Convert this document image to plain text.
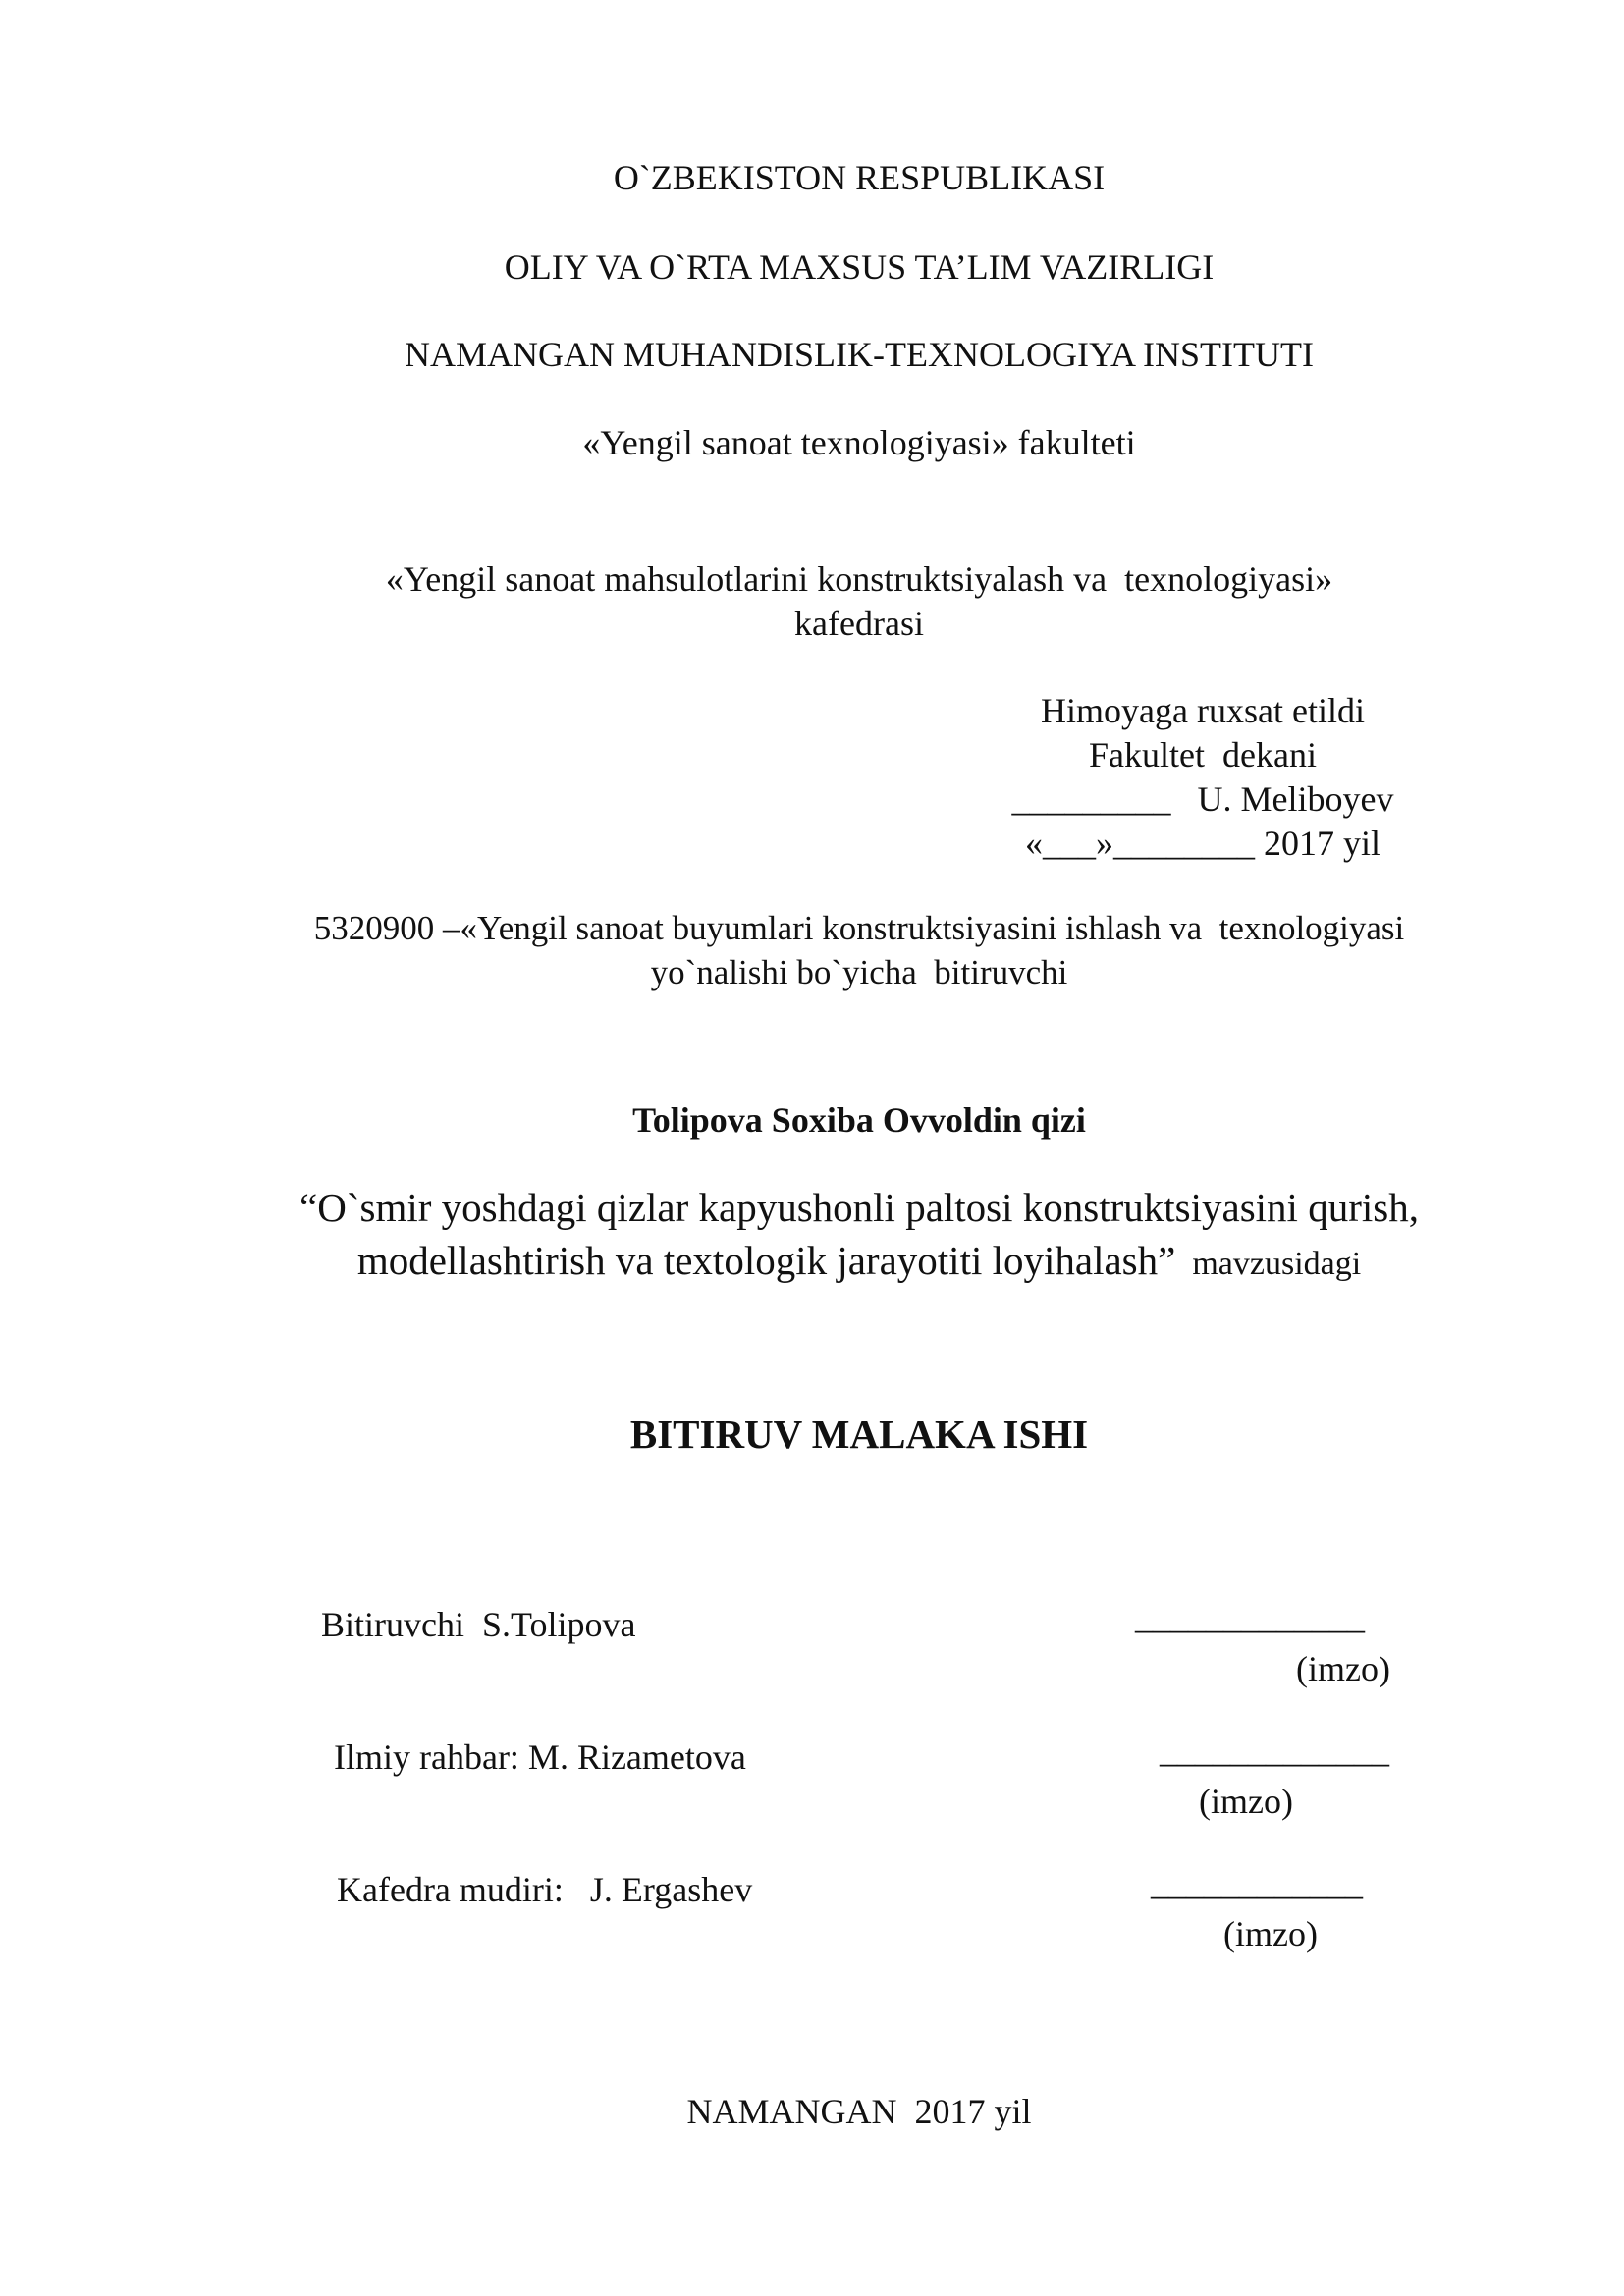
O`ZBEKISTON RESPUBLIKASI
OLIY VA O`RTA MAXSUS TA’LIM VAZIRLIGI
NAMANGAN MUHANDISLIK-TEXNOLOGIYA INSTITUTI
«Yengil sanoat texnologiyasi» fakulteti
«Yengil sanoat mahsulotlarini konstruktsiyalash va  texnologiyasi»
kafedrasi
Himoyaga ruxsat etildi
Fakultet  dekani
_________   U. Meliboyev
«___»________ 2017 yil
5320900 –«Yengil sanoat buyumlari konstruktsiyasini ishlash va  texnologiyasi
yo`nalishi bo`yicha  bitiruvchi
Tolipova Soxiba Ovvoldin qizi
“O`smir yoshdagi qizlar kapyushonli paltosi konstruktsiyasini qurish,
modellashtirish va textologik jarayotiti loyihalash”  mavzusidagi
BITIRUV MALAKA ISHI
Bitiruvchi  S.Tolipova	_____________
(imzo)
Ilmiy rahbar: M. Rizametova	_____________
(imzo)
Kafedra mudiri:   J. Ergashev	____________
(imzo)
NAMANGAN  2017 yil
